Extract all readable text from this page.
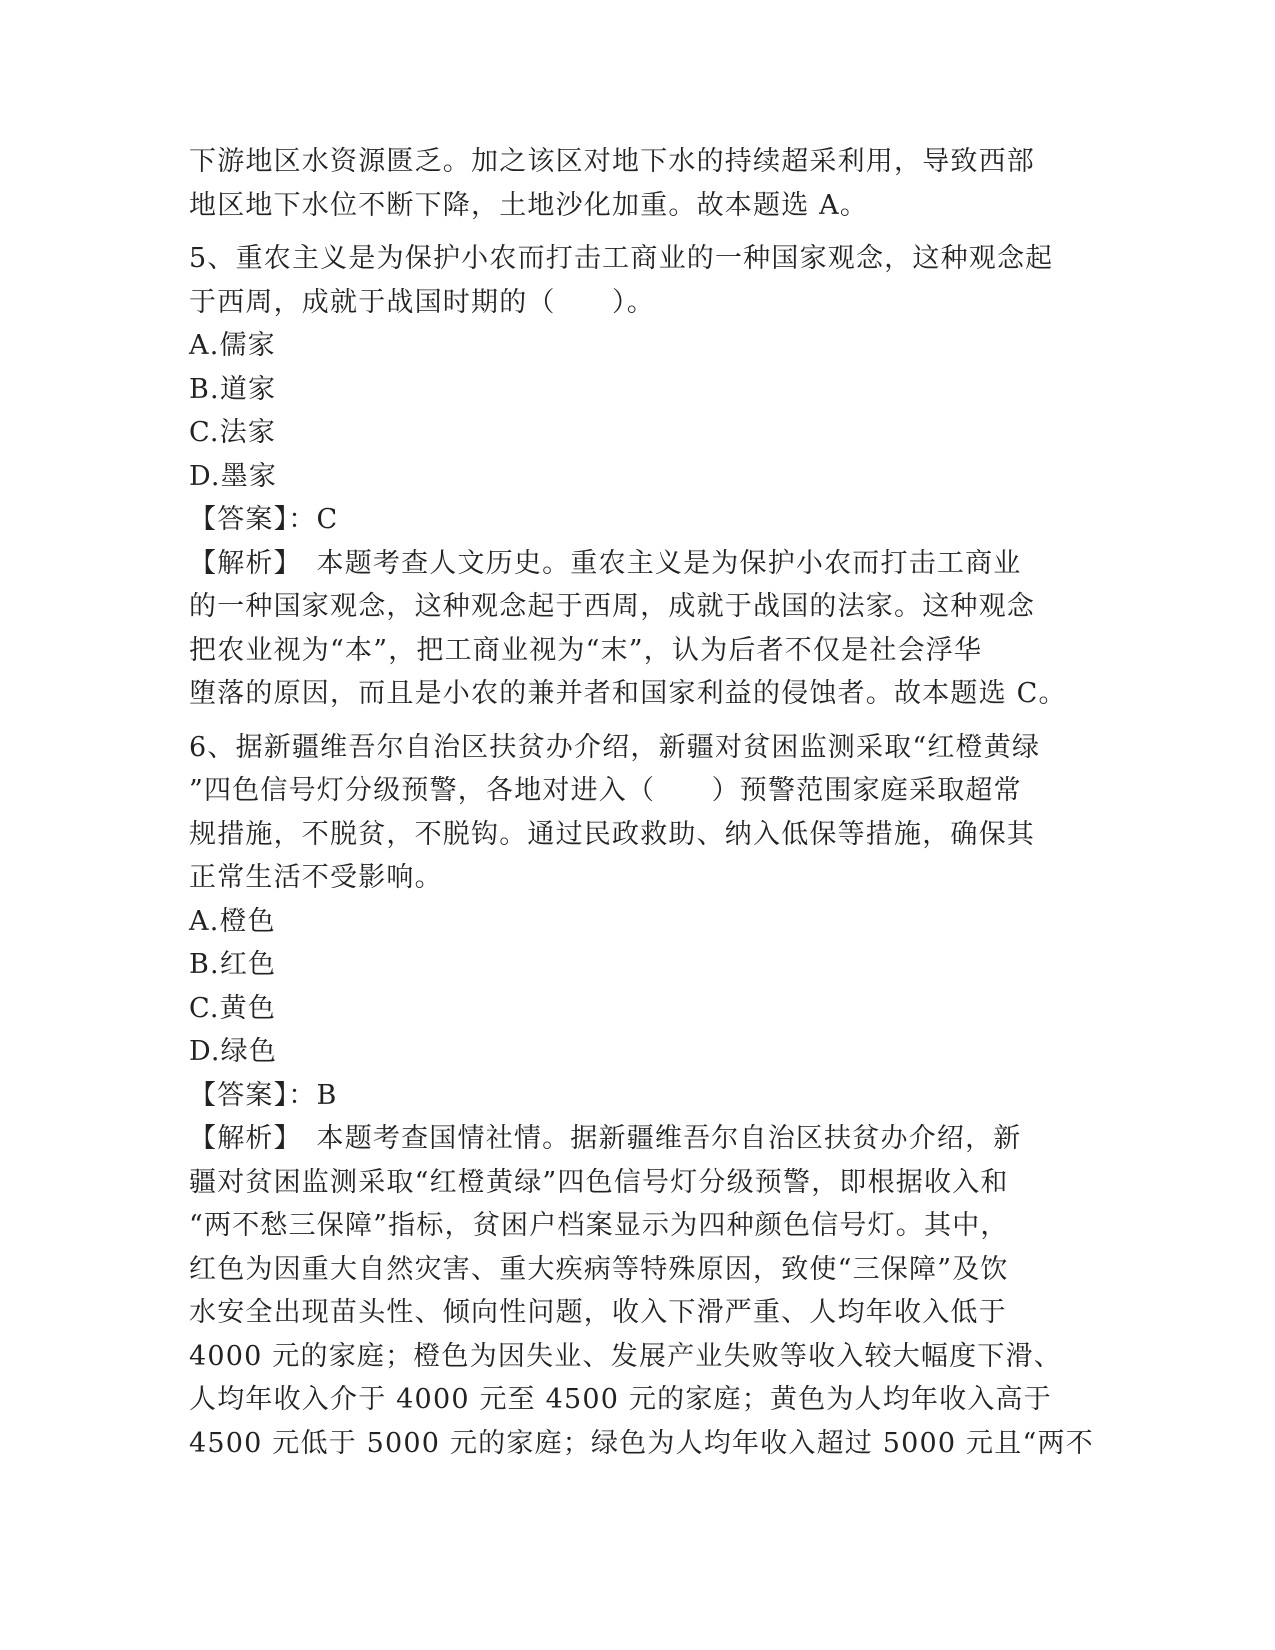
下游地区水资源匮乏。加之该区对地下水的持续超采利用，导致西部
地区地下水位不断下降，土地沙化加重。故本题选 A。
5、重农主义是为保护小农而打击工商业的一种国家观念，这种观念起
于西周，成就于战国时期的（　　）。
A.儒家
B.道家
C.法家
D.墨家
【答案】：C
【解析】　本题考查人文历史。重农主义是为保护小农而打击工商业
的一种国家观念，这种观念起于西周，成就于战国的法家。这种观念
把农业视为“本”，把工商业视为“末”，认为后者不仅是社会浮华
堕落的原因，而且是小农的兼并者和国家利益的侵蚀者。故本题选 C。
6、据新疆维吾尔自治区扶贫办介绍，新疆对贫困监测采取“红橙黄绿
”四色信号灯分级预警，各地对进入（　　）预警范围家庭采取超常
规措施，不脱贫，不脱钩。通过民政救助、纳入低保等措施，确保其
正常生活不受影响。
A.橙色
B.红色
C.黄色
D.绿色
【答案】：B
【解析】　本题考查国情社情。据新疆维吾尔自治区扶贫办介绍，新
疆对贫困监测采取“红橙黄绿”四色信号灯分级预警，即根据收入和
“两不愁三保障”指标，贫困户档案显示为四种颜色信号灯。其中，
红色为因重大自然灾害、重大疾病等特殊原因，致使“三保障”及饮
水安全出现苗头性、倾向性问题，收入下滑严重、人均年收入低于
4000 元的家庭；橙色为因失业、发展产业失败等收入较大幅度下滑、
人均年收入介于 4000 元至 4500 元的家庭；黄色为人均年收入高于
4500 元低于 5000 元的家庭；绿色为人均年收入超过 5000 元且“两不
